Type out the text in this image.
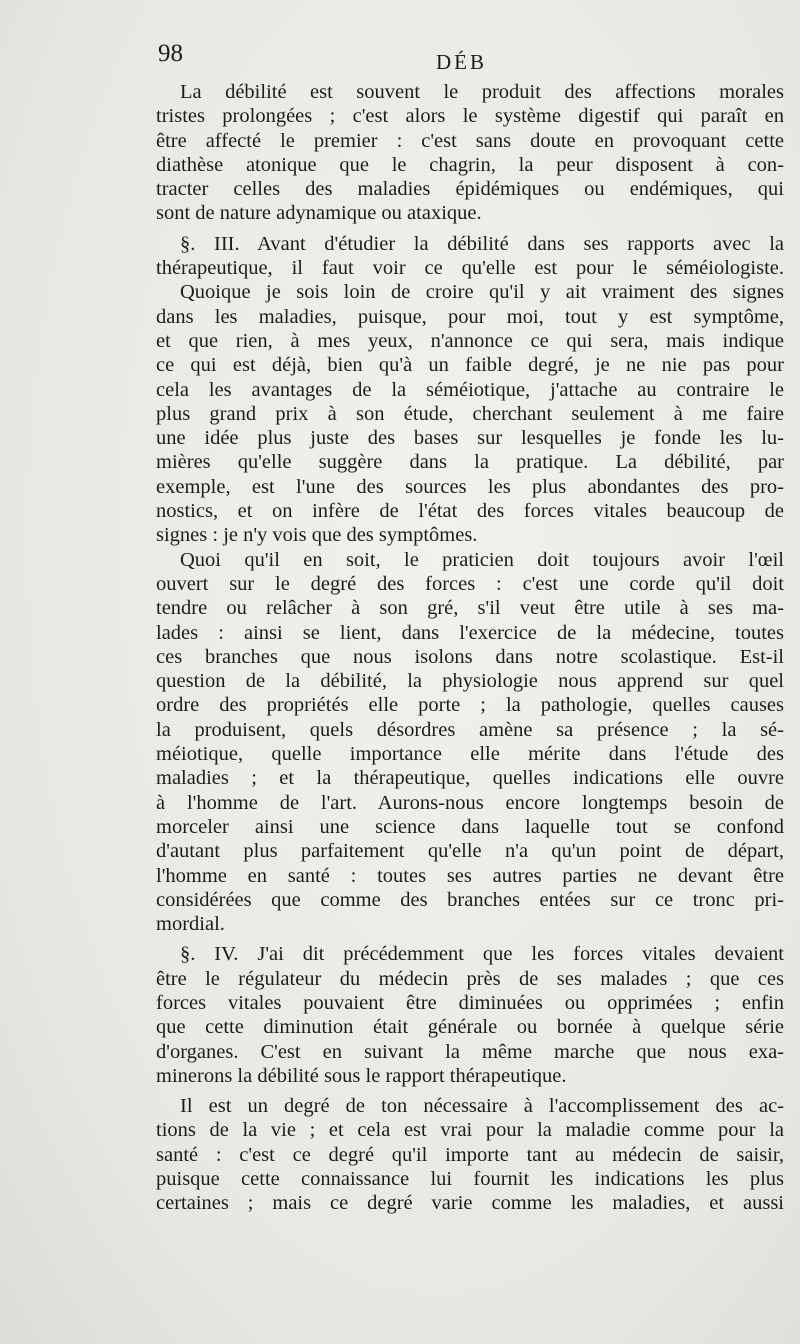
98	DÉB
La débilité est souvent le produit des affections morales
tristes prolongées ; c'est alors le système digestif qui paraît en
être affecté le premier : c'est sans doute en provoquant cette
diathèse atonique que le chagrin, la peur disposent à con-
tracter celles des maladies épidémiques ou endémiques, qui
sont de nature adynamique ou ataxique.
§. III. Avant d'étudier la débilité dans ses rapports avec la
thérapeutique, il faut voir ce qu'elle est pour le séméiologiste.
Quoique je sois loin de croire qu'il y ait vraiment des signes
dans les maladies, puisque, pour moi, tout y est symptôme,
et que rien, à mes yeux, n'annonce ce qui sera, mais indique
ce qui est déjà, bien qu'à un faible degré, je ne nie pas pour
cela les avantages de la séméiotique, j'attache au contraire le
plus grand prix à son étude, cherchant seulement à me faire
une idée plus juste des bases sur lesquelles je fonde les lu-
mières qu'elle suggère dans la pratique. La débilité, par
exemple, est l'une des sources les plus abondantes des pro-
nostics, et on infère de l'état des forces vitales beaucoup de
signes : je n'y vois que des symptômes.
Quoi qu'il en soit, le praticien doit toujours avoir l'œil
ouvert sur le degré des forces : c'est une corde qu'il doit
tendre ou relâcher à son gré, s'il veut être utile à ses ma-
lades : ainsi se lient, dans l'exercice de la médecine, toutes
ces branches que nous isolons dans notre scolastique. Est-il
question de la débilité, la physiologie nous apprend sur quel
ordre des propriétés elle porte ; la pathologie, quelles causes
la produisent, quels désordres amène sa présence ; la sé-
méiotique, quelle importance elle mérite dans l'étude des
maladies ; et la thérapeutique, quelles indications elle ouvre
à l'homme de l'art. Aurons-nous encore longtemps besoin de
morceler ainsi une science dans laquelle tout se confond
d'autant plus parfaitement qu'elle n'a qu'un point de départ,
l'homme en santé : toutes ses autres parties ne devant être
considérées que comme des branches entées sur ce tronc pri-
mordial.
§. IV. J'ai dit précédemment que les forces vitales devaient
être le régulateur du médecin près de ses malades ; que ces
forces vitales pouvaient être diminuées ou opprimées ; enfin
que cette diminution était générale ou bornée à quelque série
d'organes. C'est en suivant la même marche que nous exa-
minerons la débilité sous le rapport thérapeutique.
Il est un degré de ton nécessaire à l'accomplissement des ac-
tions de la vie ; et cela est vrai pour la maladie comme pour la
santé : c'est ce degré qu'il importe tant au médecin de saisir,
puisque cette connaissance lui fournit les indications les plus
certaines ; mais ce degré varie comme les maladies, et aussi
